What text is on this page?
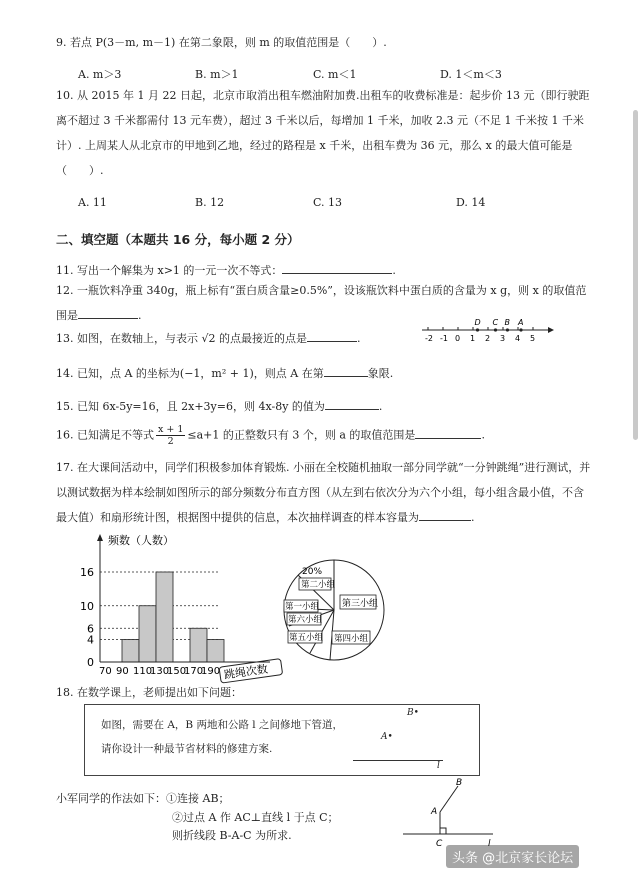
9. 若点 P(3－m, m－1) 在第二象限，则 m 的取值范围是（　　）.
A. m＞3	B. m＞1	C. m＜1	D. 1＜m＜3
10. 从 2015 年 1 月 22 日起，北京市取消出租车燃油附加费.出租车的收费标准是：起步价 13 元（即行驶距离不超过 3 千米都需付 13 元车费），超过 3 千米以后，每增加 1 千米，加收 2.3 元（不足 1 千米按 1 千米计）. 上周某人从北京市的甲地到乙地，经过的路程是 x 千米，出租车费为 36 元，那么 x 的最大值可能是（　　）.
A. 11	B. 12	C. 13	D. 14
二、填空题（本题共 16 分，每小题 2 分）
11. 写出一个解集为 x>1 的一元一次不等式：	.
12. 一瓶饮料净重 340g，瓶上标有“蛋白质含量≥0.5%”，设该瓶饮料中蛋白质的含量为 x g，则 x 的取值范围是	.
13. 如图，在数轴上，与表示 √2 的点最接近的点是	.	-2 -1 0 1 2 3 4 5
D C B A
14. 已知，点 A 的坐标为(−1，m² + 1)，则点 A 在第	象限.
15. 已知 6x-5y=16，且 2x+3y=6，则 4x-8y 的值为	.
16. 已知满足不等式 $\frac{x + 1}{2} \le a+1$ 的正整数只有 3 个，则 a 的取值范围是	.
17. 在大课间活动中，同学们积极参加体育锻炼. 小丽在全校随机抽取一部分同学就“一分钟跳绳”进行测试，并以测试数据为样本绘制如图所示的部分频数分布直方图（从左到右依次分为六个小组，每小组含最小值，不含最大值）和扇形统计图，根据图中提供的信息，本次抽样调查的样本容量为	.
16
10
6
4
0
70 90 110
130
150
170
190
频数（人数）
跳绳次数
20%
第二小组
第三小组
第一小组
第六小组
第五小组 第四小组
18. 在数学课上，老师提出如下问题：
如图，需要在 A，B 两地和公路 l 之间修地下管道，
请你设计一种最节省材料的修建方案.
B•
A•
l
小军同学的作法如下：①连接 AB；
②过点 A 作 AC⊥直线 l 于点 C；
则折线段 B-A-C 为所求.
B
A
C	l
头条 @北京家长论坛
